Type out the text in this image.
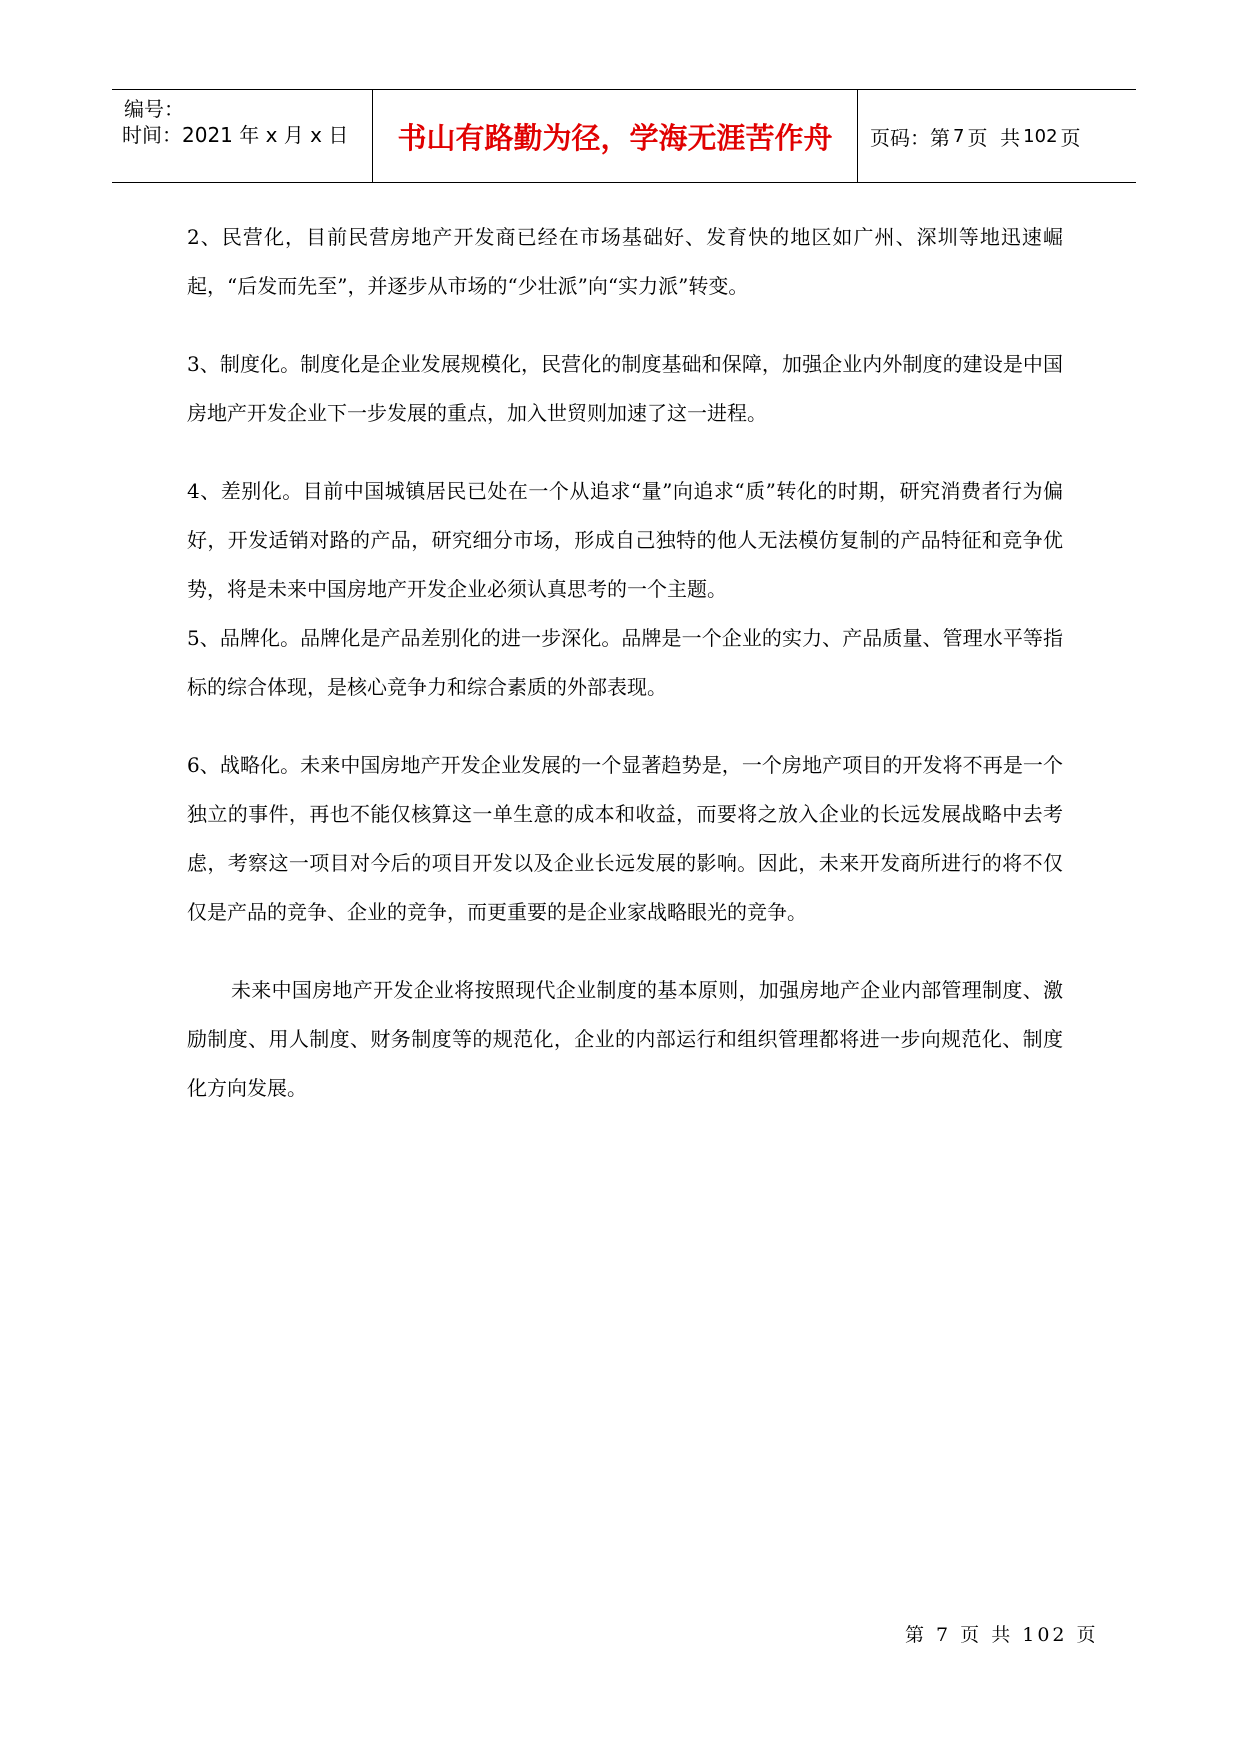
编号：
时间：2021 年 x 月 x 日 书山有路勤为径，学海无涯苦作舟 页码：第 7 页  共 102 页

2、民营化，目前民营房地产开发商已经在市场基础好、发育快的地区如广州、深圳等地迅速崛起，“后发而先至”，并逐步从市场的“少壮派”向“实力派”转变。

3、制度化。制度化是企业发展规模化，民营化的制度基础和保障，加强企业内外制度的建设是中国房地产开发企业下一步发展的重点，加入世贸则加速了这一进程。

4、差别化。目前中国城镇居民已处在一个从追求“量”向追求“质”转化的时期，研究消费者行为偏好，开发适销对路的产品，研究细分市场，形成自己独特的他人无法模仿复制的产品特征和竞争优势，将是未来中国房地产开发企业必须认真思考的一个主题。

5、品牌化。品牌化是产品差别化的进一步深化。品牌是一个企业的实力、产品质量、管理水平等指标的综合体现，是核心竞争力和综合素质的外部表现。

6、战略化。未来中国房地产开发企业发展的一个显著趋势是，一个房地产项目的开发将不再是一个独立的事件，再也不能仅核算这一单生意的成本和收益，而要将之放入企业的长远发展战略中去考虑，考察这一项目对今后的项目开发以及企业长远发展的影响。因此，未来开发商所进行的将不仅仅是产品的竞争、企业的竞争，而更重要的是企业家战略眼光的竞争。

未来中国房地产开发企业将按照现代企业制度的基本原则，加强房地产企业内部管理制度、激励制度、用人制度、财务制度等的规范化，企业的内部运行和组织管理都将进一步向规范化、制度化方向发展。

第 7 页 共 102 页
